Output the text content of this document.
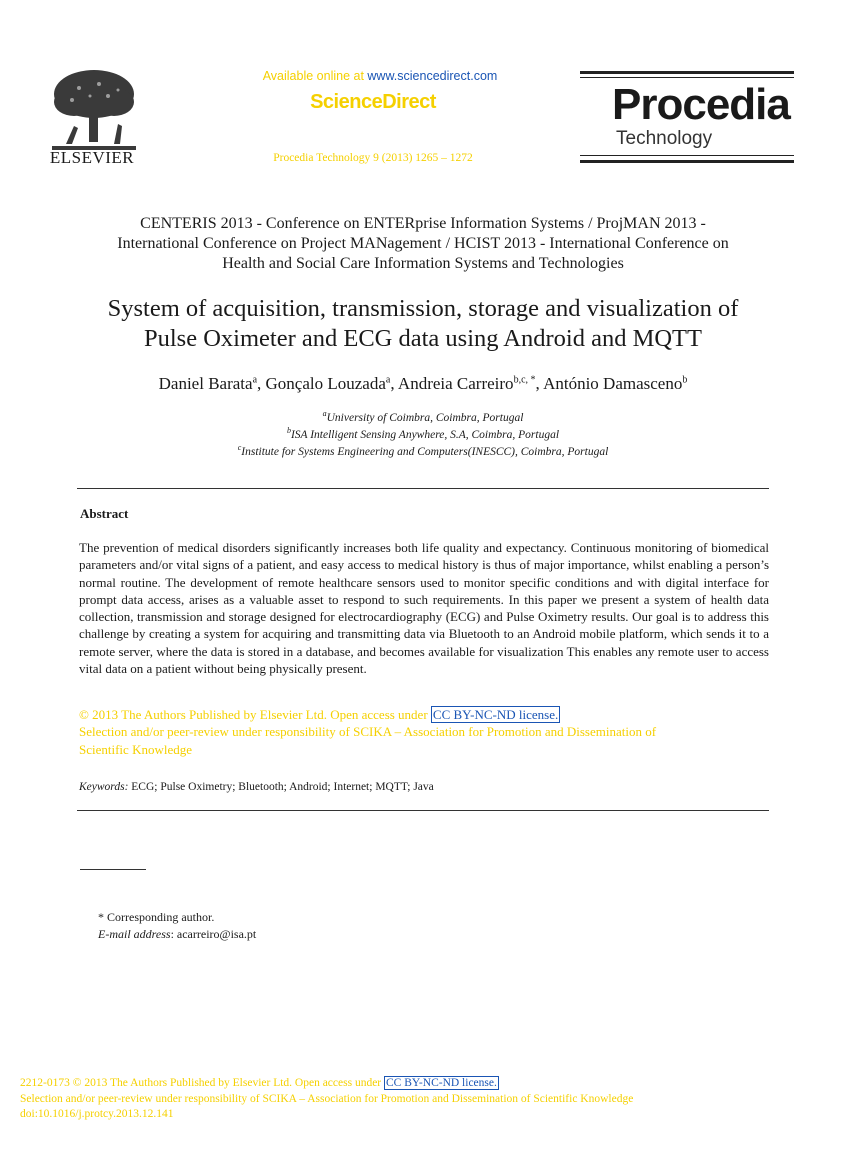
ELSEVIER
Available online at www.sciencedirect.com
ScienceDirect
Procedia Technology 9 (2013) 1265 – 1272
Procedia
Technology
CENTERIS 2013 - Conference on ENTERprise Information Systems / ProjMAN 2013 -
International Conference on Project MANagement / HCIST 2013 - International Conference on
Health and Social Care Information Systems and Technologies
System of acquisition, transmission, storage and visualization of
Pulse Oximeter and ECG data using Android and MQTT
Daniel Barata$^a$, Gonçalo Louzada$^a$, Andreia Carreiro$^{b,c, *}$, António Damasceno$^b$
$^a$University of Coimbra, Coimbra, Portugal
$^b$ISA Intelligent Sensing Anywhere, S.A, Coimbra, Portugal
$^c$Institute for Systems Engineering and Computers(INESCC), Coimbra, Portugal
Abstract
The prevention of medical disorders significantly increases both life quality and expectancy. Continuous monitoring of biomedical parameters and/or vital signs of a patient, and easy access to medical history is thus of major importance, whilst enabling a person’s normal routine. The development of remote healthcare sensors used to monitor specific conditions and with digital interface for prompt data access, arises as a valuable asset to respond to such requirements. In this paper we present a system of health data collection, transmission and storage designed for electrocardiography (ECG) and Pulse Oximetry results. Our goal is to address this challenge by creating a system for acquiring and transmitting data via Bluetooth to an Android mobile platform, which sends it to a remote server, where the data is stored in a database, and becomes available for visualization This enables any remote user to access vital data on a patient without being physically present.
© 2013 The Authors Published by Elsevier Ltd. Open access under CC BY-NC-ND license.
Selection and/or peer-review under responsibility of SCIKA – Association for Promotion and Dissemination of
Scientific Knowledge
Keywords: ECG; Pulse Oximetry; Bluetooth; Android; Internet; MQTT; Java
* Corresponding author.
E-mail address: acarreiro@isa.pt
2212-0173 © 2013 The Authors Published by Elsevier Ltd. Open access under CC BY-NC-ND license.
Selection and/or peer-review under responsibility of SCIKA – Association for Promotion and Dissemination of Scientific Knowledge
doi:10.1016/j.protcy.2013.12.141
